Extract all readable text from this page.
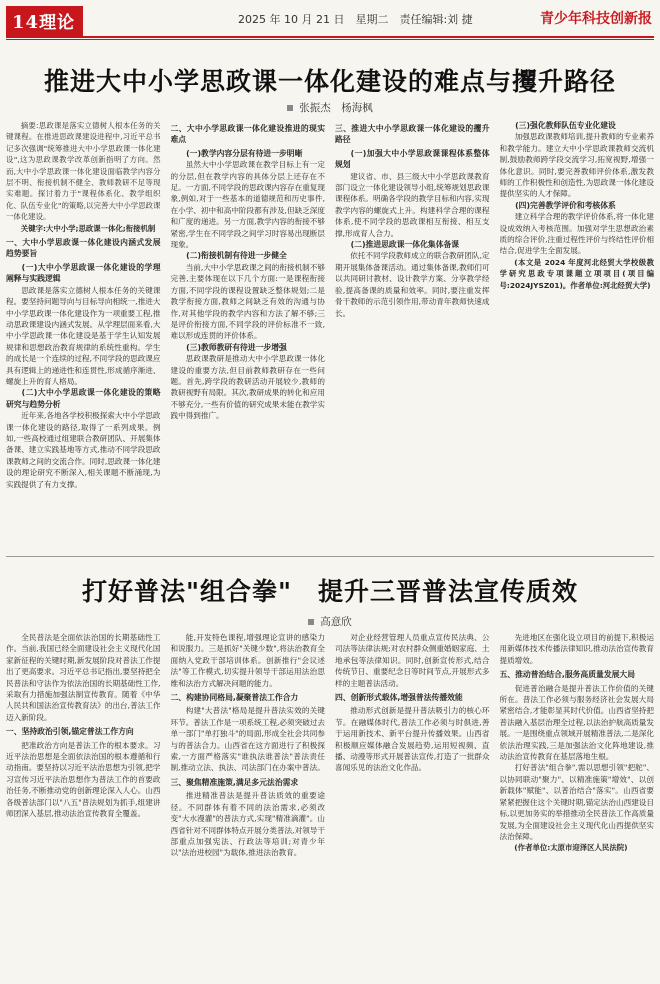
14理论	2025 年 10 月 21 日　星期二　责任编辑:刘 捷	青少年科技创新报
推进大中小学思政课一体化建设的难点与攫升路径
张振杰　杨海枫

摘要:思政课是落实立德树人根本任务的关键课程。在推进思政课建设进程中,习近平总书记多次强调"统筹推进大中小学思政课一体化建设",这为思政课教学改革创新指明了方向。然而,大中小学思政课一体化建设面临教学内容分层不明、衔接机制不健全、教师教研不足等现实难题。探讨着力于"课程体系化、教学组织化、队伍专业化"的策略,以完善大中小学思政课一体化建设。

关键字:大中小学;思政课一体化;衔接机制

一、大中小学思政课一体化建设内涵式发展趋势要旨

(一)大中小学思政课一体化建设的学理阐释与实践逻辑

思政课是落实立德树人根本任务的关键课程。要坚持问题导向与目标导向相统一,推进大中小学思政课一体化建设作为一项重要工程,推动思政课建设内涵式发展。从学理层面来看,大中小学思政课一体化建设是基于学生认知发展规律和思想政治教育规律的系统性重构。学生的成长是一个连续的过程,不同学段的思政课应具有逻辑上的递进性和连贯性,形成循序渐进、螺旋上升的育人格局。

(二)大中小学思政课一体化建设的策略研究与趋势分析

近年来,各地各学校积极探索大中小学思政课一体化建设的路径,取得了一系列成果。例如,一些高校通过组建联合教研团队、开展集体备课、建立实践基地等方式,推动不同学段思政课教师之间的交流合作。同时,思政课一体化建设的理论研究不断深入,相关课题不断涌现,为实践提供了有力支撑。

二、大中小学思政课一体化建设推进的现实难点

(一)教学内容分层有待进一步明晰

虽然大中小学思政课在教学目标上有一定的分层,但在教学内容的具体分层上还存在不足。一方面,不同学段的思政课内容存在重复现象,例如,对于一些基本的道德规范和历史事件,在小学、初中和高中阶段都有涉及,但缺乏深度和广度的递进。另一方面,教学内容的衔接不够紧密,学生在不同学段之间学习时容易出现断层现象。

(二)衔接机制有待进一步健全

当前,大中小学思政课之间的衔接机制不够完善,主要体现在以下几个方面:一是课程衔接方面,不同学段的课程设置缺乏整体规划;二是教学衔接方面,教师之间缺乏有效的沟通与协作,对其他学段的教学内容和方法了解不够;三是评价衔接方面,不同学段的评价标准不一致,难以形成连贯的评价体系。

(三)教师教研有待进一步增强

思政课教研是推动大中小学思政课一体化建设的重要方法,但目前教师教研存在一些问题。首先,跨学段的教研活动开展较少,教师的教研视野有局限。其次,教研成果的转化和应用不够充分,一些有价值的研究成果未能在教学实践中得到推广。

三、推进大中小学思政课一体化建设的攫升路径

(一)加强大中小学思政课课程体系整体规划

建议省、市、县三级大中小学思政课教育部门设立一体化建设领导小组,统筹规划思政课课程体系。明确各学段的教学目标和内容,实现教学内容的螺旋式上升。构建科学合理的课程体系,使不同学段的思政课相互衔接、相互支撑,形成育人合力。

(二)推进思政课一体化集体备课

依托不同学段教师成立的联合教研团队,定期开展集体备课活动。通过集体备课,教师们可以共同研讨教材、设计教学方案、分享教学经验,提高备课的质量和效率。同时,要注重发挥骨干教师的示范引领作用,带动青年教师快速成长。

(三)强化教师队伍专业化建设

加强思政课教师培训,提升教师的专业素养和教学能力。建立大中小学思政课教师交流机制,鼓励教师跨学段交流学习,拓宽视野,增强一体化意识。同时,要完善教师评价体系,激发教师的工作积极性和创造性,为思政课一体化建设提供坚实的人才保障。

(四)完善教学评价和考核体系

建立科学合理的教学评价体系,将一体化建设成效纳入考核范围。加强对学生思想政治素质的综合评价,注重过程性评价与终结性评价相结合,促进学生全面发展。

(本文是 2024 年度河北经贸大学校级教学研究思政专项课题立项项目(项目编号:2024JYSZ01)。作者单位:河北经贸大学)

打好普法"组合拳"　提升三晋普法宣传质效
高意欣

全民普法是全面依法治国的长期基础性工作。当前,我国已经全面建设社会主义现代化国家新征程的关键时期,新发展阶段对普法工作提出了更高要求。习近平总书记指出,要坚持把全民普法和守法作为依法治国的长期基础性工作,采取有力措施加强法制宣传教育。随着《中华人民共和国法治宣传教育法》的出台,普法工作迈入新阶段。

一、坚持政治引领,锚定普法工作方向

把准政治方向是普法工作的根本要求。习近平法治思想是全面依法治国的根本遵循和行动指南。要坚持以习近平法治思想为引领,把学习宣传习近平法治思想作为普法工作的首要政治任务,不断推动党的创新理论深入人心。山西各级普法部门以"八五"普法规划为抓手,组建讲师团深入基层,推动法治宣传教育全覆盖。

能,开发特色课程,增强理论宣讲的感染力和说服力。三是抓好"关键少数",将法治教育全面纳入党政干部培训体系。创新推行"会议述法"等工作模式,切实提升领导干部运用法治思维和法治方式解决问题的能力。

二、构建协同格局,凝聚普法工作合力

构建"大普法"格局是提升普法实效的关键环节。普法工作是一项系统工程,必须突破过去单一部门"单打独斗"的局面,形成全社会共同参与的普法合力。山西省在这方面进行了积极探索,一方面严格落实"谁执法谁普法"普法责任制,推动立法、执法、司法部门在办案中普法。

三、聚焦精准施策,满足多元法治需求

推进精准普法是提升普法质效的重要途径。不同群体有着不同的法治需求,必须改变"大水漫灌"的普法方式,实现"精准滴灌"。山西省针对不同群体特点开展分类普法,对领导干部重点加强宪法、行政法等培训;对青少年以"法治进校园"为载体,推进法治教育。

对企业经营管理人员重点宣传民法典、公司法等法律法规;对农村群众侧重婚姻家庭、土地承包等法律知识。同时,创新宣传形式,结合传统节日、重要纪念日等时间节点,开展形式多样的主题普法活动。

四、创新形式载体,增强普法传播效能

推动形式创新是提升普法吸引力的核心环节。在融媒体时代,普法工作必须与时俱进,善于运用新技术、新平台提升传播效果。山西省积极顺应媒体融合发展趋势,运用短视频、直播、动漫等形式开展普法宣传,打造了一批群众喜闻乐见的法治文化作品。

先进地区在强化设立项目的前提下,积极运用新媒体技术传播法律知识,推动法治宣传教育提质增效。

五、推动普治结合,服务高质量发展大局

促进普治融合是提升普法工作价值的关键所在。普法工作必须与服务经济社会发展大局紧密结合,才能彰显其时代价值。山西省坚持把普法融入基层治理全过程,以法治护航高质量发展。一是围绕重点领域开展精准普法,二是深化依法治理实践,三是加强法治文化阵地建设,推动法治宣传教育在基层落地生根。

打好普法"组合拳",需以思想引领"把舵"、以协同联动"聚力"、以精准施策"增效"、以创新载体"赋能"、以普治结合"落实"。山西省要紧紧把握住这个关键时期,锚定法治山西建设目标,以更加务实的举措推动全民普法工作高质量发展,为全面建设社会主义现代化山西提供坚实法治保障。

(作者单位:太原市迎泽区人民法院)
